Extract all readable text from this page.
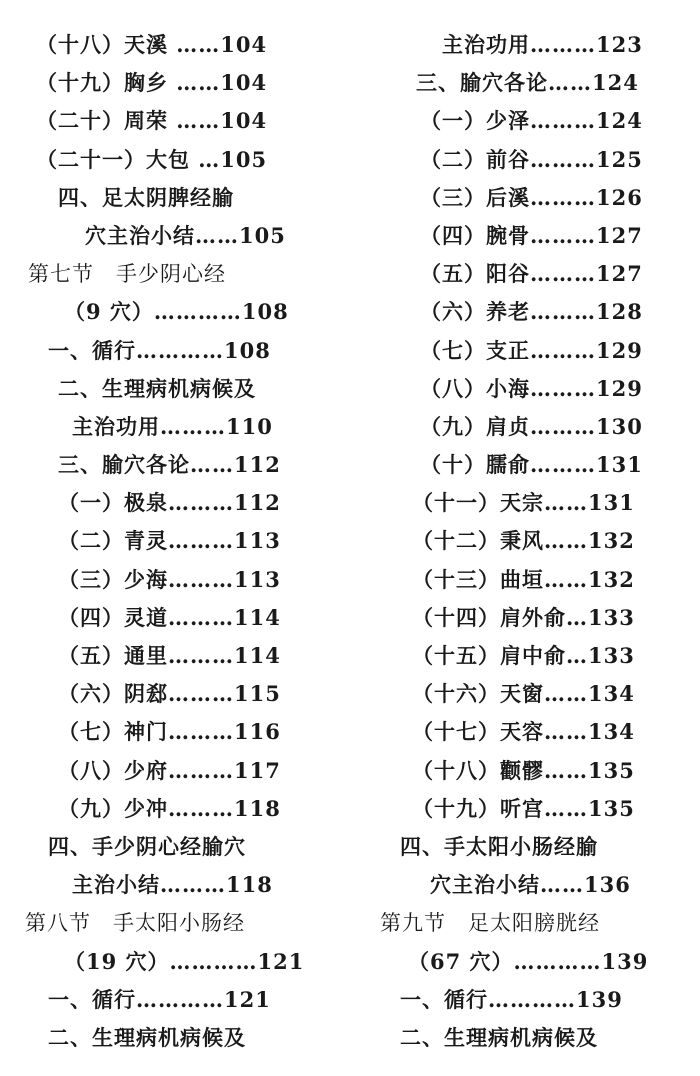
（十八）天溪 ……104
（十九）胸乡 ……104
（二十）周荣 ……104
（二十一）大包 …105
四、足太阴脾经腧
穴主治小结……105
第七节　手少阴心经
（9 穴）…………108
一、循行…………108
二、生理病机病候及
主治功用………110
三、腧穴各论……112
（一）极泉………112
（二）青灵………113
（三）少海………113
（四）灵道………114
（五）通里………114
（六）阴郄………115
（七）神门………116
（八）少府………117
（九）少冲………118
四、手少阴心经腧穴
主治小结………118
第八节　手太阳小肠经
（19 穴）…………121
一、循行…………121
二、生理病机病候及
主治功用………123
三、腧穴各论……124
（一）少泽………124
（二）前谷………125
（三）后溪………126
（四）腕骨………127
（五）阳谷………127
（六）养老………128
（七）支正………129
（八）小海………129
（九）肩贞………130
（十）臑俞………131
（十一）天宗……131
（十二）秉风……132
（十三）曲垣……132
（十四）肩外俞…133
（十五）肩中俞…133
（十六）天窗……134
（十七）天容……134
（十八）颧髎……135
（十九）听宫……135
四、手太阳小肠经腧
穴主治小结……136
第九节　足太阳膀胱经
（67 穴）…………139
一、循行…………139
二、生理病机病候及
